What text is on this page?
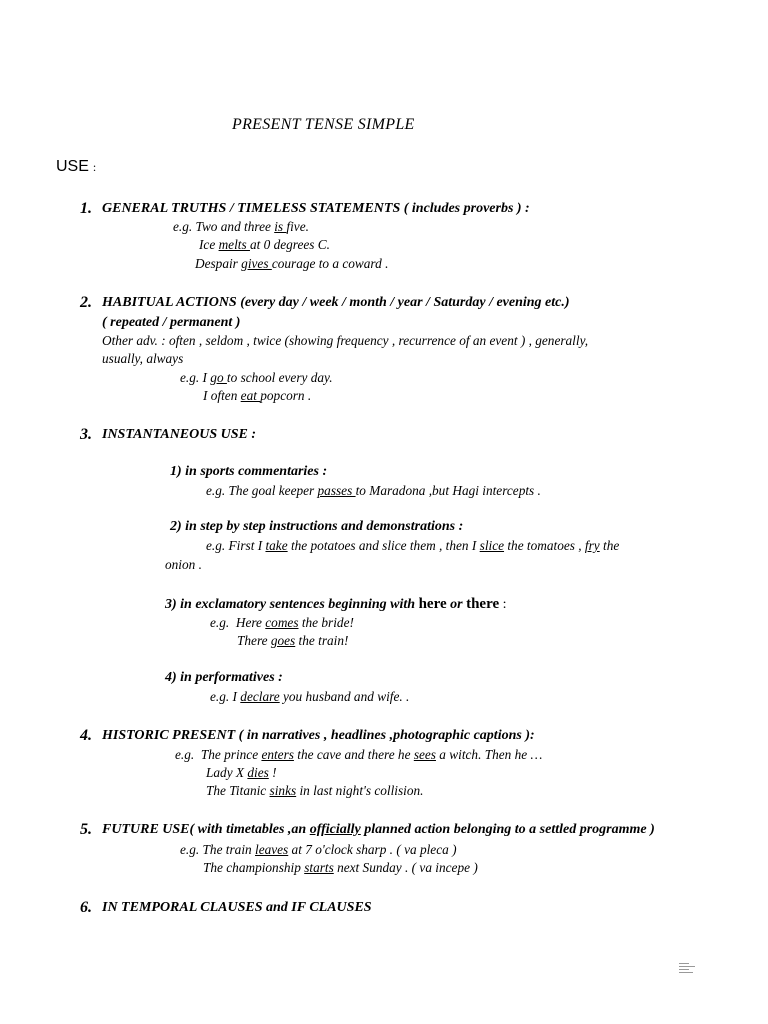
PRESENT TENSE SIMPLE
USE :
1. GENERAL TRUTHS / TIMELESS STATEMENTS ( includes proverbs ) :
e.g. Two and three is five.
Ice melts at 0 degrees C.
Despair gives courage to a coward .
2. HABITUAL ACTIONS (every day / week / month / year / Saturday / evening etc.)
( repeated / permanent )
Other adv. : often , seldom , twice (showing frequency , recurrence of an event ) , generally,
usually, always
e.g. I go to school every day.
I often eat popcorn .
3. INSTANTANEOUS USE :
1) in sports commentaries :
e.g. The goal keeper passes to Maradona ,but Hagi intercepts .
2) in step by step instructions and demonstrations :
e.g. First I take the potatoes and slice them , then I slice the tomatoes , fry the
onion .
3) in exclamatory sentences beginning with here or there :
e.g. Here comes the bride!
There goes the train!
4) in performatives :
e.g. I declare you husband and wife. .
4. HISTORIC PRESENT ( in narratives , headlines ,photographic captions ):
e.g. The prince enters the cave and there he sees a witch. Then he …
Lady X dies !
The Titanic sinks in last night's collision.
5. FUTURE USE( with timetables ,an officially planned action belonging to a settled programme )
e.g. The train leaves at 7 o'clock sharp . ( va pleca )
The championship starts next Sunday . ( va incepe )
6. IN TEMPORAL CLAUSES and IF CLAUSES
